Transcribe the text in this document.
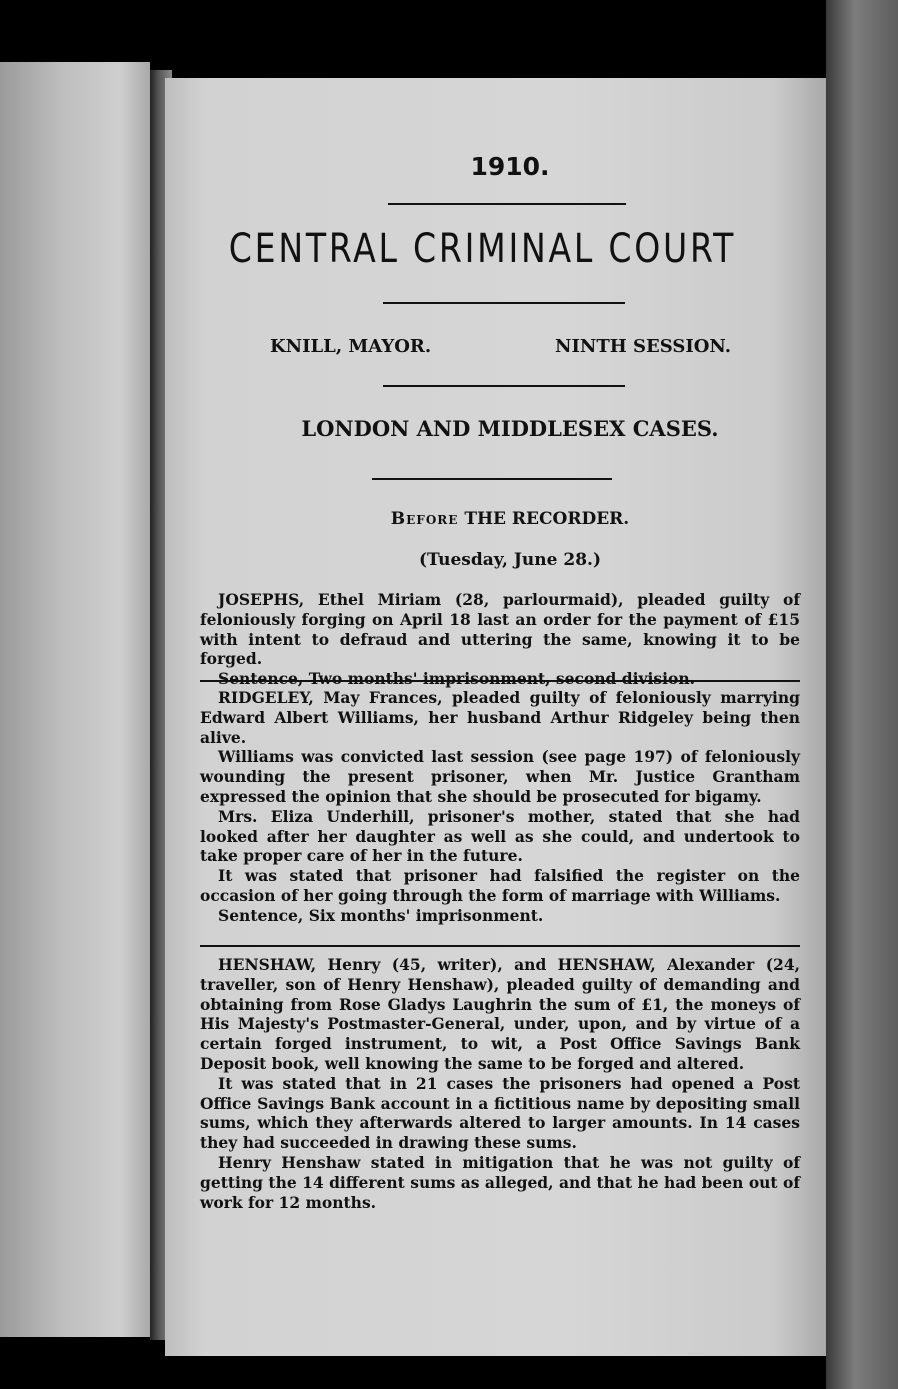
1910.
CENTRAL CRIMINAL COURT
KNILL, MAYOR.	NINTH SESSION.
LONDON AND MIDDLESEX CASES.
Before THE RECORDER.
(Tuesday, June 28.)

JOSEPHS, Ethel Miriam (28, parlourmaid), pleaded guilty of feloniously forging on April 18 last an order for the payment of £15 with intent to defraud and uttering the same, knowing it to be forged.

Sentence, Two months' imprisonment, second division.

RIDGELEY, May Frances, pleaded guilty of feloniously marrying Edward Albert Williams, her husband Arthur Ridgeley being then alive.

Williams was convicted last session (see page 197) of feloniously wounding the present prisoner, when Mr. Justice Grantham expressed the opinion that she should be prosecuted for bigamy.

Mrs. Eliza Underhill, prisoner's mother, stated that she had looked after her daughter as well as she could, and undertook to take proper care of her in the future.

It was stated that prisoner had falsified the register on the occasion of her going through the form of marriage with Williams.

Sentence, Six months' imprisonment.

HENSHAW, Henry (45, writer), and HENSHAW, Alexander (24, traveller, son of Henry Henshaw), pleaded guilty of demanding and obtaining from Rose Gladys Laughrin the sum of £1, the moneys of His Majesty's Postmaster-General, under, upon, and by virtue of a certain forged instrument, to wit, a Post Office Savings Bank Deposit book, well knowing the same to be forged and altered.

It was stated that in 21 cases the prisoners had opened a Post Office Savings Bank account in a fictitious name by depositing small sums, which they afterwards altered to larger amounts. In 14 cases they had succeeded in drawing these sums.

Henry Henshaw stated in mitigation that he was not guilty of getting the 14 different sums as alleged, and that he had been out of work for 12 months.
